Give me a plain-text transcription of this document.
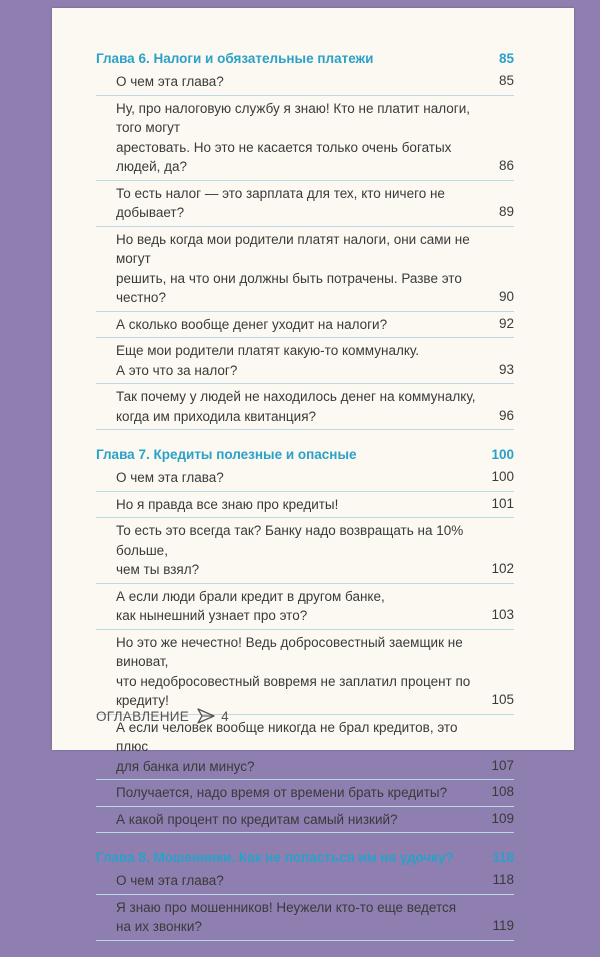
Глава 6. Налоги и обязательные платежи	85
О чем эта глава?	85
Ну, про налоговую службу я знаю! Кто не платит налоги, того могут
арестовать. Но это не касается только очень богатых людей, да?	86
То есть налог — это зарплата для тех, кто ничего не добывает?	89
Но ведь когда мои родители платят налоги, они сами не могут
решить, на что они должны быть потрачены. Разве это честно?	90
А сколько вообще денег уходит на налоги?	92
Еще мои родители платят какую-то коммуналку.
А это что за налог?	93
Так почему у людей не находилось денег на коммуналку,
когда им приходила квитанция?	96
Глава 7. Кредиты полезные и опасные	100
О чем эта глава?	100
Но я правда все знаю про кредиты!	101
То есть это всегда так? Банку надо возвращать на 10% больше,
чем ты взял?	102
А если люди брали кредит в другом банке,
как нынешний узнает про это?	103
Но это же нечестно! Ведь добросовестный заемщик не виноват,
что недобросовестный вовремя не заплатил процент по кредиту!	105
А если человек вообще никогда не брал кредитов, это плюс
для банка или минус?	107
Получается, надо время от времени брать кредиты?	108
А какой процент по кредитам самый низкий?	109
Глава 8. Мошенники. Как не попасться им на удочку?	118
О чем эта глава?	118
Я знаю про мошенников! Неужели кто-то еще ведется
на их звонки?	119
ОГЛАВЛЕНИЕ 4
